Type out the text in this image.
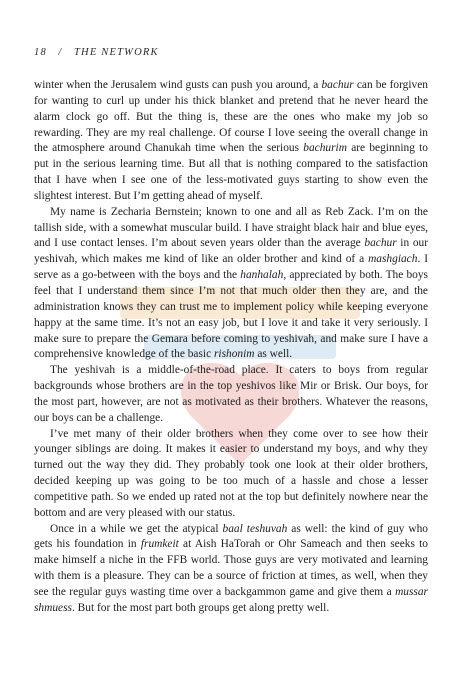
18 / THE NETWORK

winter when the Jerusalem wind gusts can push you around, a bachur can be forgiven for wanting to curl up under his thick blanket and pretend that he never heard the alarm clock go off. But the thing is, these are the ones who make my job so rewarding. They are my real challenge. Of course I love seeing the overall change in the atmosphere around Chanukah time when the serious bachurim are beginning to put in the serious learning time. But all that is nothing compared to the satisfaction that I have when I see one of the less-motivated guys starting to show even the slightest interest. But I’m getting ahead of myself.

My name is Zecharia Bernstein; known to one and all as Reb Zack. I’m on the tallish side, with a somewhat muscular build. I have straight black hair and blue eyes, and I use contact lenses. I’m about seven years older than the average bachur in our yeshivah, which makes me kind of like an older brother and kind of a mashgiach. I serve as a go-between with the boys and the hanhalah, appreciated by both. The boys feel that I understand them since I’m not that much older then they are, and the administration knows they can trust me to implement policy while keeping everyone happy at the same time. It’s not an easy job, but I love it and take it very seriously. I make sure to prepare the Gemara before coming to yeshivah, and make sure I have a comprehensive knowledge of the basic rishonim as well.

The yeshivah is a middle-of-the-road place. It caters to boys from regular backgrounds whose brothers are in the top yeshivos like Mir or Brisk. Our boys, for the most part, however, are not as motivated as their brothers. Whatever the reasons, our boys can be a challenge.

I’ve met many of their older brothers when they come over to see how their younger siblings are doing. It makes it easier to understand my boys, and why they turned out the way they did. They probably took one look at their older brothers, decided keeping up was going to be too much of a hassle and chose a lesser competitive path. So we ended up rated not at the top but definitely nowhere near the bottom and are very pleased with our status.

Once in a while we get the atypical baal teshuvah as well: the kind of guy who gets his foundation in frumkeit at Aish HaTorah or Ohr Sameach and then seeks to make himself a niche in the FFB world. Those guys are very motivated and learning with them is a pleasure. They can be a source of friction at times, as well, when they see the regular guys wasting time over a backgammon game and give them a mussar shmuess. But for the most part both groups get along pretty well.
